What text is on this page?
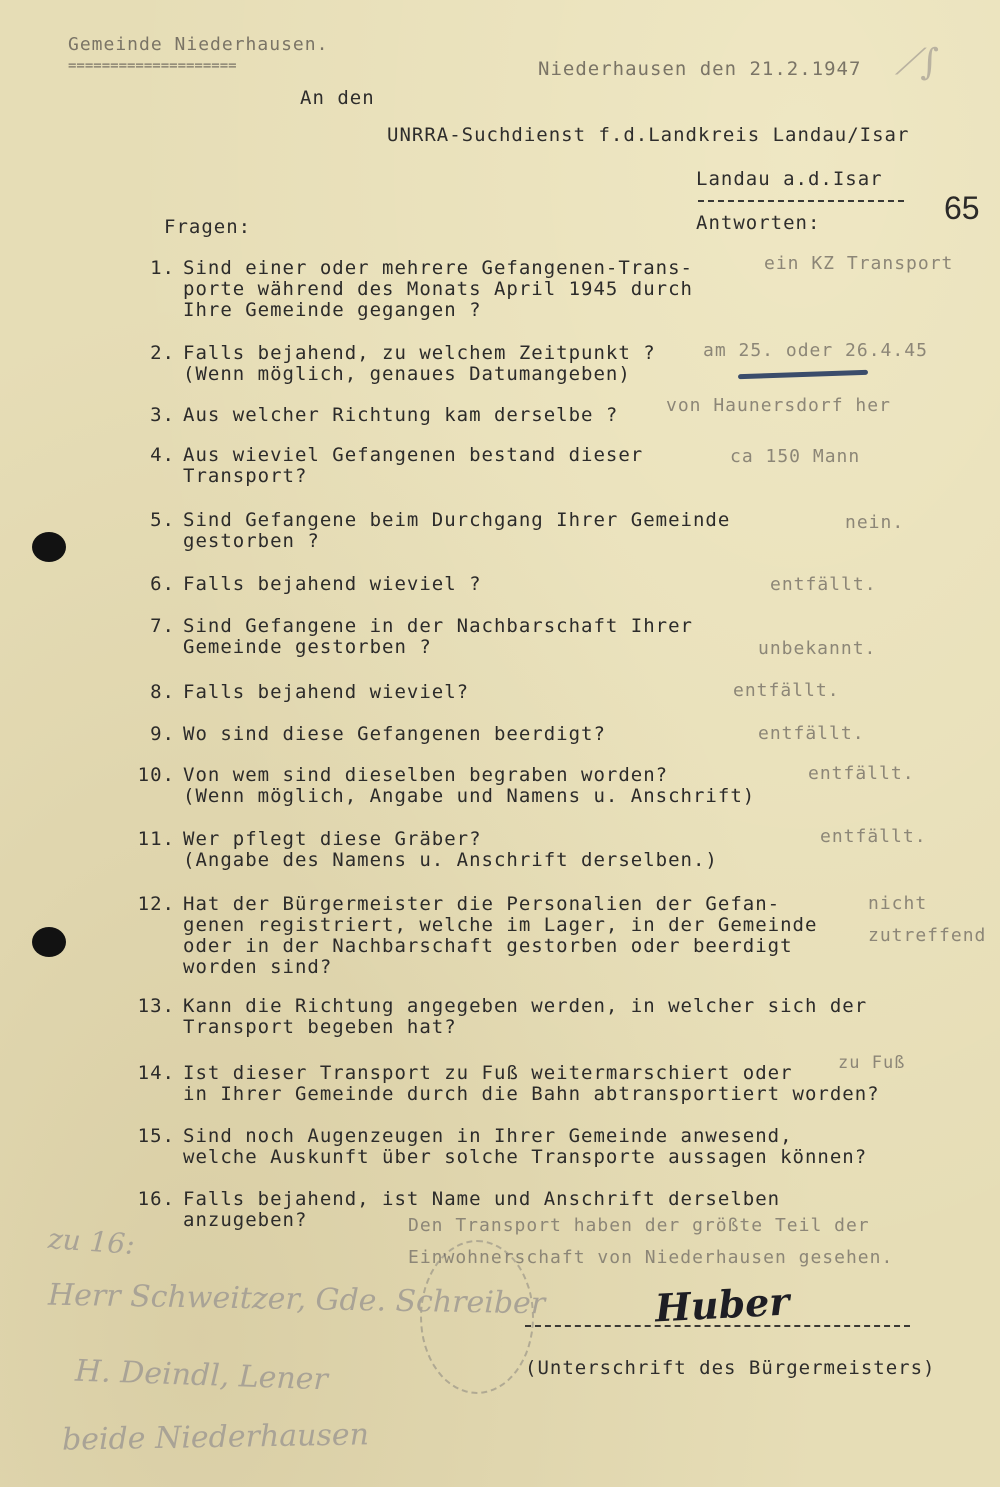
Gemeinde Niederhausen.
====================	Niederhausen den 21.2.1947
An den
UNRRA-Suchdienst f.d.Landkreis Landau/Isar
Landau a.d.Isar
65
Fragen:	Antworten:
1. Sind einer oder mehrere Gefangenen-Trans-
porte während des Monats April 1945 durch
Ihre Gemeinde gegangen ?
ein KZ Transport
2. Falls bejahend, zu welchem Zeitpunkt ?
(Wenn möglich, genaues Datumangeben)
am 25. oder 26.4.45
3. Aus welcher Richtung kam derselbe ?	von Haunersdorf her
4. Aus wieviel Gefangenen bestand dieser
Transport?
ca 150 Mann
5. Sind Gefangene beim Durchgang Ihrer Gemeinde
gestorben ?
nein.
6. Falls bejahend wieviel ?	entfällt.
7. Sind Gefangene in der Nachbarschaft Ihrer
Gemeinde gestorben ?	unbekannt.
8. Falls bejahend wieviel?	entfällt.
9. Wo sind diese Gefangenen beerdigt?	entfällt.
10. Von wem sind dieselben begraben worden?
(Wenn möglich, Angabe und Namens u. Anschrift)
entfällt.
11. Wer pflegt diese Gräber?
(Angabe des Namens u. Anschrift derselben.)
entfällt.
12. Hat der Bürgermeister die Personalien der Gefan-
genen registriert, welche im Lager, in der Gemeinde
oder in der Nachbarschaft gestorben oder beerdigt
worden sind?
nicht zutreffend
13. Kann die Richtung angegeben werden, in welcher sich der
Transport begeben hat?
14. Ist dieser Transport zu Fuß weitermarschiert oder
in Ihrer Gemeinde durch die Bahn abtransportiert worden?
zu Fuß
15. Sind noch Augenzeugen in Ihrer Gemeinde anwesend,
welche Auskunft über solche Transporte aussagen können?
16. Falls bejahend, ist Name und Anschrift derselben
anzugeben?	Den Transport haben der größte Teil der
Einwohnerschaft von Niederhausen gesehen.
Huber
(Unterschrift des Bürgermeisters)
zu 16:
Herr Schweitzer, Gde. Schreiber
H. Deindl, Lener
beide Niederhausen
⟋∫
